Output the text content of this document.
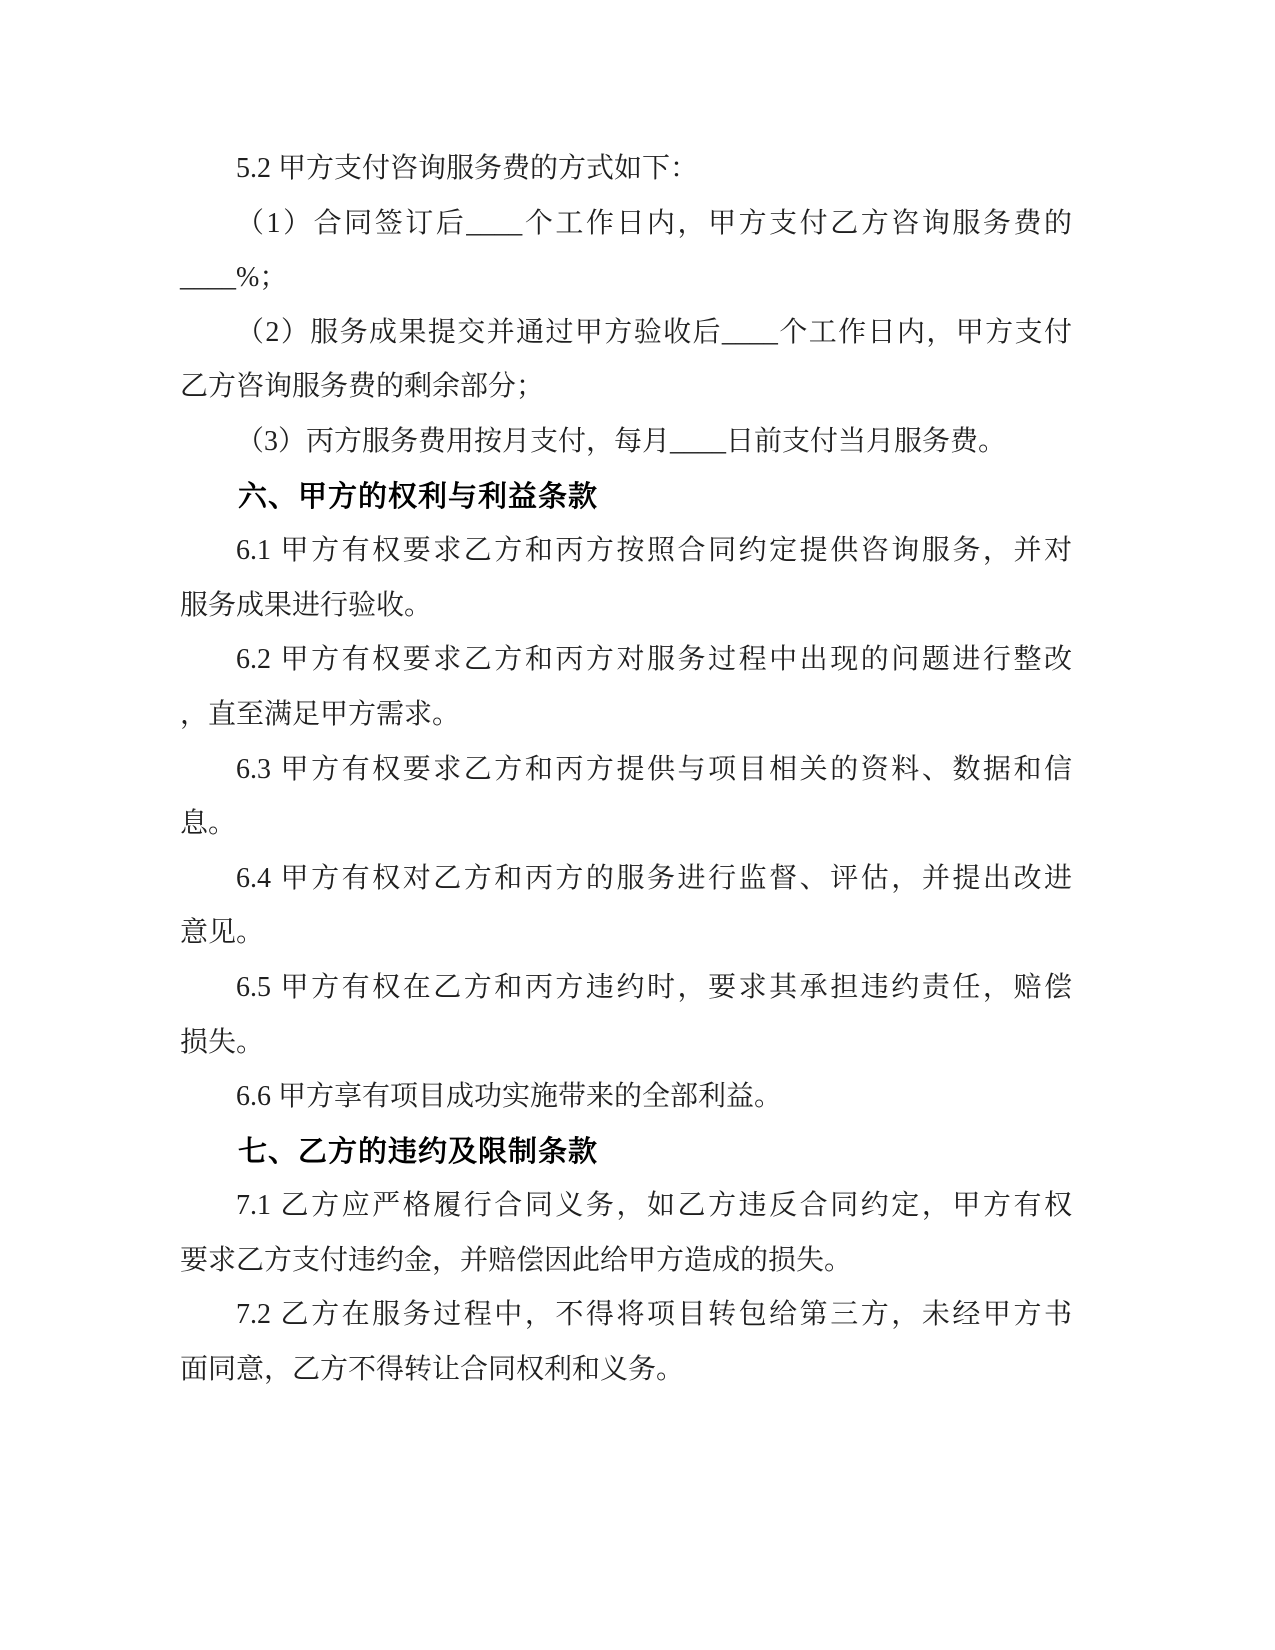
5.2 甲方支付咨询服务费的方式如下：
（1）合同签订后____个工作日内，甲方支付乙方咨询服务费的
____%；
（2）服务成果提交并通过甲方验收后____个工作日内，甲方支付
乙方咨询服务费的剩余部分；
（3）丙方服务费用按月支付，每月____日前支付当月服务费。
六、甲方的权利与利益条款
6.1 甲方有权要求乙方和丙方按照合同约定提供咨询服务，并对
服务成果进行验收。
6.2 甲方有权要求乙方和丙方对服务过程中出现的问题进行整改
，直至满足甲方需求。
6.3 甲方有权要求乙方和丙方提供与项目相关的资料、数据和信
息。
6.4 甲方有权对乙方和丙方的服务进行监督、评估，并提出改进
意见。
6.5 甲方有权在乙方和丙方违约时，要求其承担违约责任，赔偿
损失。
6.6 甲方享有项目成功实施带来的全部利益。
七、乙方的违约及限制条款
7.1 乙方应严格履行合同义务，如乙方违反合同约定，甲方有权
要求乙方支付违约金，并赔偿因此给甲方造成的损失。
7.2 乙方在服务过程中，不得将项目转包给第三方，未经甲方书
面同意，乙方不得转让合同权利和义务。
